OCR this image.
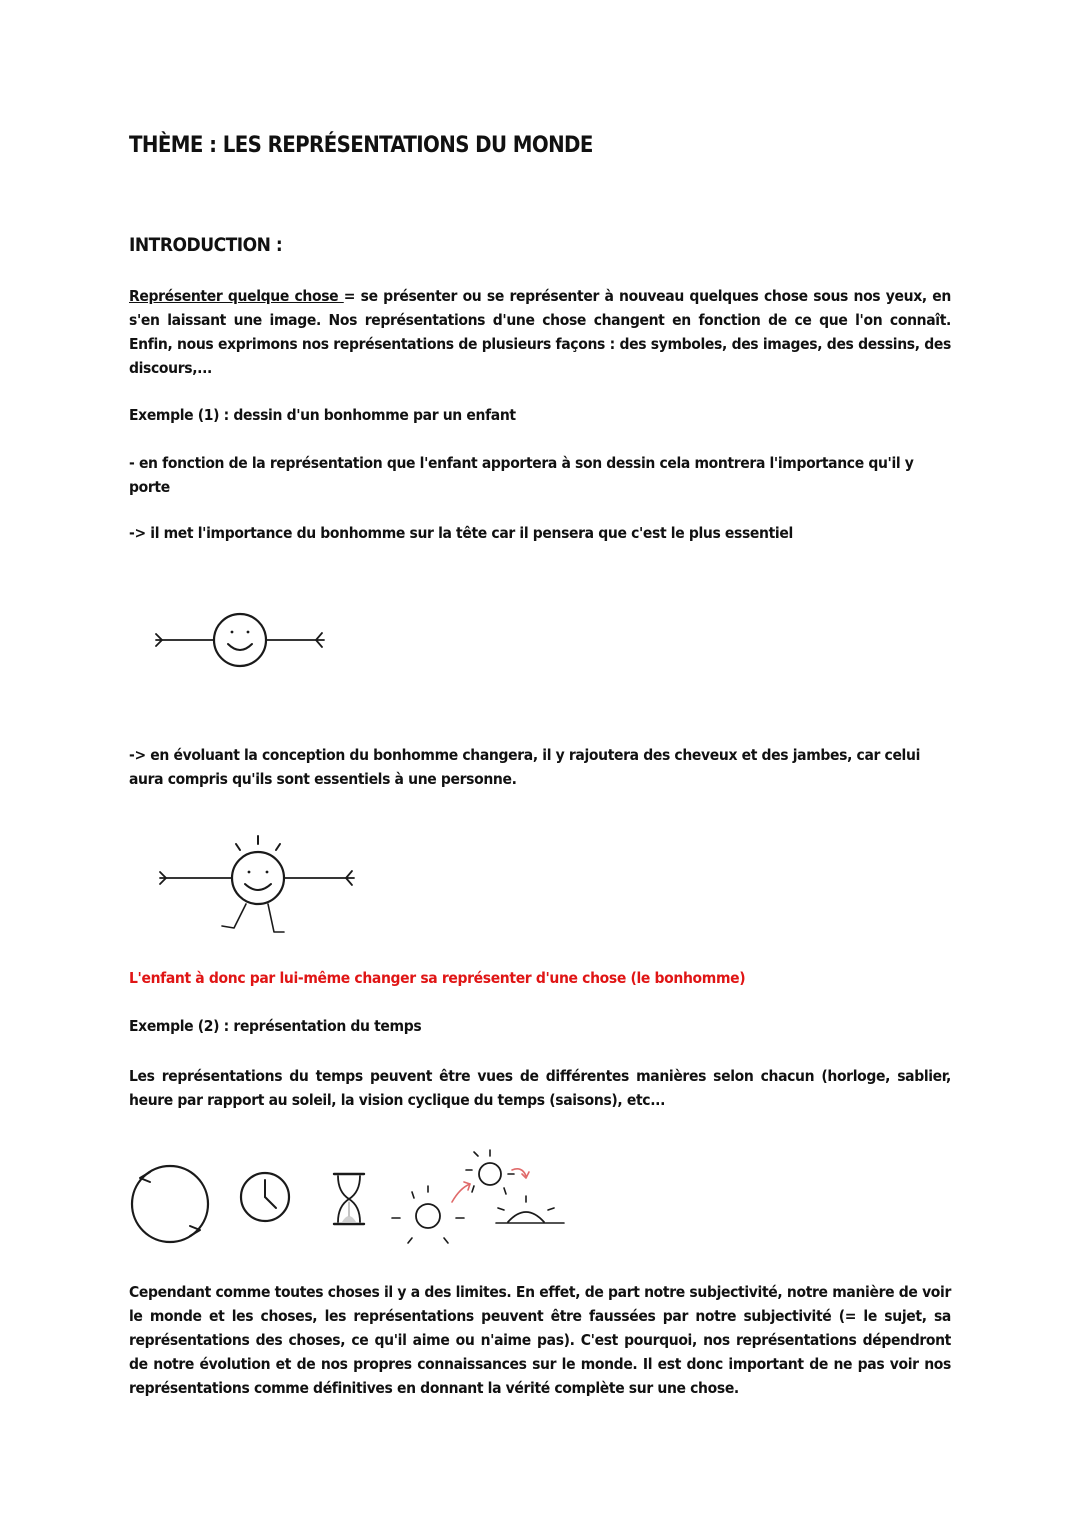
THÈME : LES REPRÉSENTATIONS DU MONDE
INTRODUCTION :
Représenter quelque chose = se présenter ou se représenter à nouveau quelques chose sous nos yeux, en s'en laissant une image. Nos représentations d'une chose changent en fonction de ce que l'on connaît. Enfin, nous exprimons nos représentations de plusieurs façons : des symboles, des images, des dessins, des discours,...
Exemple (1) : dessin d'un bonhomme par un enfant
- en fonction de la représentation que l'enfant apportera à son dessin cela montrera l'importance qu'il y porte
-> il met l'importance du bonhomme sur la tête car il pensera que c'est le plus essentiel
-> en évoluant la conception du bonhomme changera, il y rajoutera des cheveux et des jambes, car celui aura compris qu'ils sont essentiels à une personne.
L'enfant à donc par lui-même changer sa représenter d'une chose (le bonhomme)
Exemple (2) : représentation du temps
Les représentations du temps peuvent être vues de différentes manières selon chacun (horloge, sablier, heure par rapport au soleil, la vision cyclique du temps (saisons), etc...
Cependant comme toutes choses il y a des limites. En effet, de part notre subjectivité, notre manière de voir le monde et les choses, les représentations peuvent être faussées par notre subjectivité (= le sujet, sa représentations des choses, ce qu'il aime ou n'aime pas). C'est pourquoi, nos représentations dépendront de notre évolution et de nos propres connaissances sur le monde. Il est donc important de ne pas voir nos représentations comme définitives en donnant la vérité complète sur une chose.
